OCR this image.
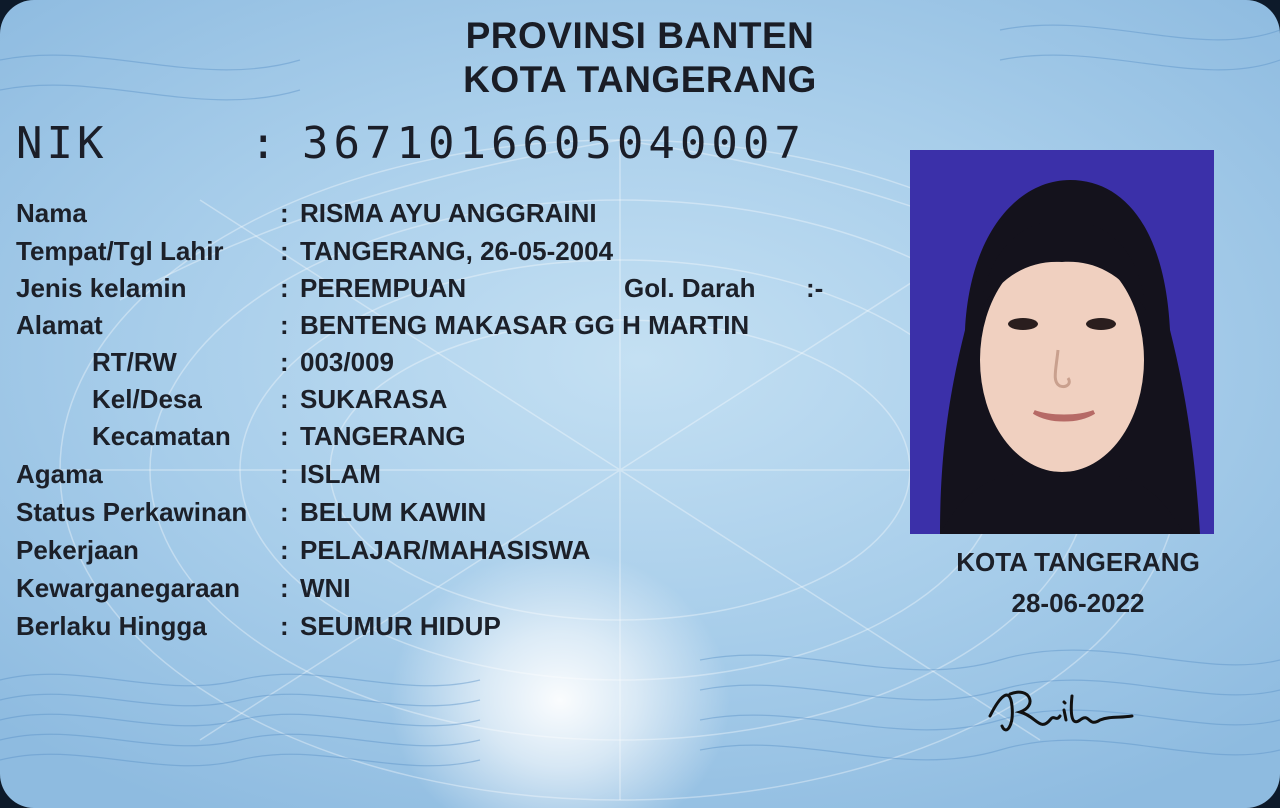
PROVINSI BANTEN
KOTA TANGERANG
NIK	: 3671016605040007
Nama	: RISMA AYU ANGGRAINI
Tempat/Tgl Lahir : TANGERANG, 26-05-2004
Jenis kelamin	: PEREMPUAN	Gol. Darah :-
Alamat	: BENTENG MAKASAR GG H MARTIN
RT/RW	: 003/009
Kel/Desa	: SUKARASA
Kecamatan : TANGERANG
Agama	: ISLAM
Status Perkawinan : BELUM KAWIN
Pekerjaan	: PELAJAR/MAHASISWA
Kewarganegaraan : WNI
Berlaku Hingga	: SEUMUR HIDUP
KOTA TANGERANG
28-06-2022
